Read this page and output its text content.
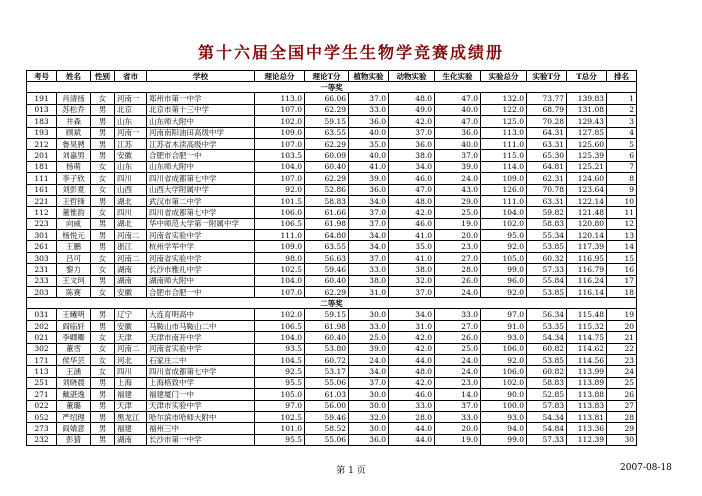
第十六届全国中学生生物学竞赛成绩册
考号	姓名	性别	省市	学校	理论总分	理论T分	植物实验	动物实验	生化实验	实验总分	实验T分	T总分	排名
一等奖													
191	肖清扬	女	河南一	郑州市第一中学	113.0	66.06	37.0	48.0	47.0	132.0	73.77	139.83	1
013	苏松乔	男	北京	北京市第十三中学	107.0	62.29	33.0	49.0	40.0	122.0	68.79	131.08	2
183	井森	男	山东	山东师大附中	102.0	59.15	36.0	42.0	47.0	125.0	70.28	129.43	3
193	顾斌	男	河南一	河南南阳油田高级中学	109.0	63.55	40.0	37.0	36.0	113.0	64.31	127.85	4
212	鲁昊骋	男	江苏	江苏省木渎高级中学	107.0	62.29	35.0	36.0	40.0	111.0	63.31	125.60	5
201	刘嘉男	男	安徽	合肥市合肥一中	103.5	60.09	40.0	38.0	37.0	115.0	65.30	125.39	6
181	杨萌	女	山东	山东师大附中	104.0	60.40	41.0	34.0	39.0	114.0	64.81	125.21	7
111	李子欣	女	四川	四川省成都第七中学	107.0	62.29	39.0	46.0	24.0	109.0	62.31	124.60	8
161	刘彭夏	女	山西	山西大学附属中学	92.0	52.86	36.0	47.0	43.0	126.0	70.78	123.64	9
221	王哲锋	男	湖北	武汉市第二中学	101.5	58.83	34.0	48.0	29.0	111.0	63.31	122.14	10
112	董惟韵	女	四川	四川省成都第七中学	106.0	61.66	37.0	42.0	25.0	104.0	59.82	121.48	11
223	向威	男	湖北	华中师范大学第一附属中学	106.5	61.98	37.0	46.0	19.0	102.0	58.83	120.80	12
301	杨悦元	男	河南二	河南省实验中学	111.0	64.80	34.0	41.0	20.0	95.0	55.34	120.14	13
261	王鹏	男	浙江	杭州学军中学	109.0	63.55	34.0	35.0	23.0	92.0	53.85	117.39	14
303	吕可	女	河南二	河南省实验中学	98.0	56.63	37.0	41.0	27.0	105.0	60.32	116.95	15
231	黎力	女	湖南	长沙市雅礼中学	102.5	59.46	33.0	38.0	28.0	99.0	57.33	116.79	16
233	王文珂	男	湖南	湖南师大附中	104.0	60.40	38.0	32.0	26.0	96.0	55.84	116.24	17
203	陈赛	女	安徽	合肥市合肥一中	107.0	62.29	31.0	37.0	24.0	92.0	53.85	116.14	18
二等奖													
031	王曦明	男	辽宁	大连育明高中	102.0	59.15	30.0	34.0	33.0	97.0	56.34	115.48	19
202	阎临轩	男	安徽	马鞍山市马鞍山二中	106.5	61.98	33.0	31.0	27.0	91.0	53.35	115.32	20
021	李卿卿	女	天津	天津市南开中学	104.0	60.40	25.0	42.0	26.0	93.0	54.34	114.75	21
302	董雪	女	河南二	河南省实验中学	93.5	53.80	39.0	42.0	25.0	106.0	60.82	114.62	22
171	侯华芸	女	河北	石家庄二中	104.5	60.72	24.0	44.0	24.0	92.0	53.85	114.56	23
113	王涵	女	四川	四川省成都第七中学	92.5	53.17	34.0	48.0	24.0	106.0	60.82	113.99	24
251	刘晓晨	男	上海	上海格致中学	95.5	55.06	37.0	42.0	23.0	102.0	58.83	113.89	25
271	戴湛逸	男	福建	福建厦门一中	105.0	61.03	30.0	46.0	14.0	90.0	52.85	113.88	26
022	董璐	男	天津	天津市实验中学	97.0	56.00	30.0	33.0	37.0	100.0	57.83	113.83	27
052	严绍理	男	黑龙江	哈尔滨市哈师大附中	102.5	59.46	32.0	28.0	33.0	93.0	54.34	113.81	28
273	阎婧意	男	福建	福州三中	101.0	58.52	30.0	44.0	20.0	94.0	54.84	113.36	29
232	彭猜	男	湖南	长沙市第一中学	95.5	55.06	36.0	44.0	19.0	99.0	57.33	112.39	30
第 1 页	2007-08-18
